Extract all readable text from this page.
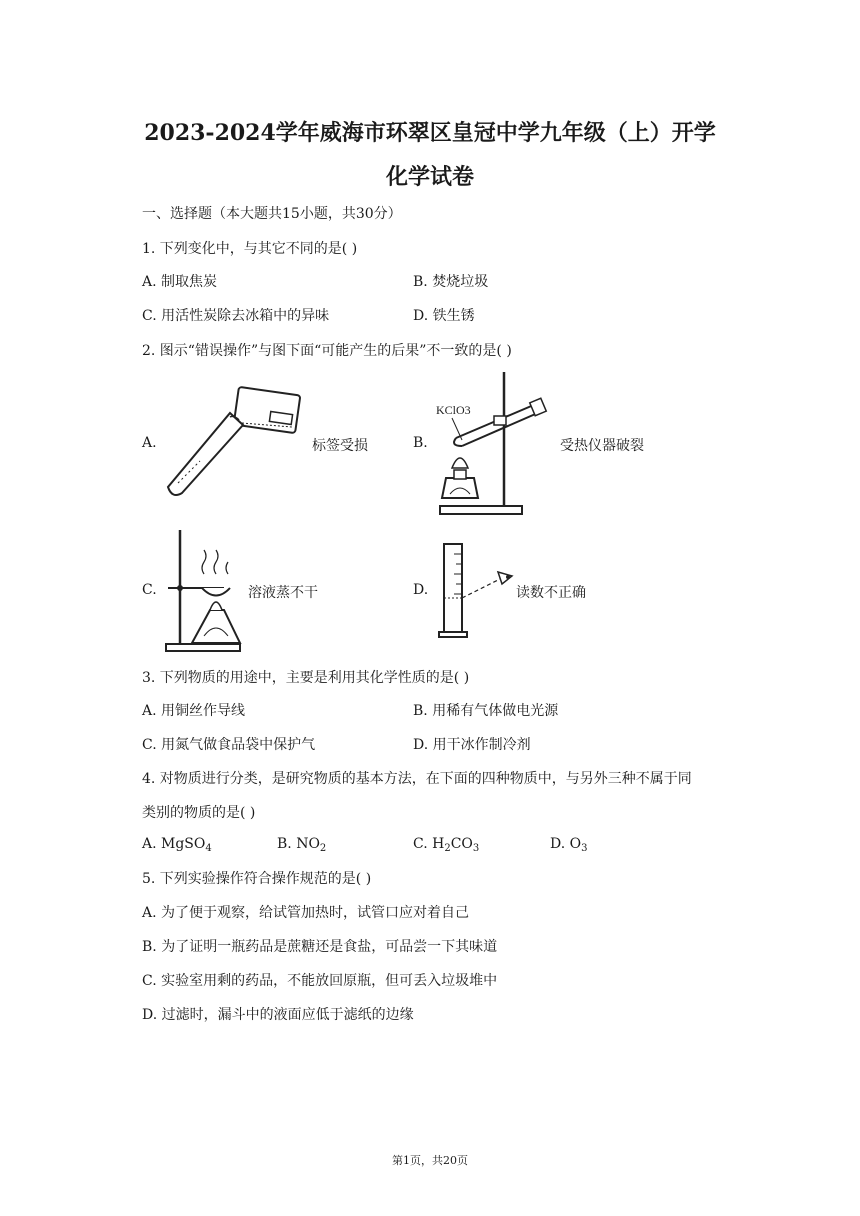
2023-2024学年威海市环翠区皇冠中学九年级（上）开学
化学试卷
一、选择题（本大题共15小题，共30分）
1. 下列变化中，与其它不同的是( )
A. 制取焦炭	B. 焚烧垃圾
C. 用活性炭除去冰箱中的异味	D. 铁生锈
2. 图示“错误操作”与图下面“可能产生的后果”不一致的是( )
A.	标签受损	B.
KClO3
受热仪器破裂
C.	溶液蒸不干	D.	读数不正确
3. 下列物质的用途中，主要是利用其化学性质的是( )
A. 用铜丝作导线	B. 用稀有气体做电光源
C. 用氮气做食品袋中保护气	D. 用干冰作制冷剂
4. 对物质进行分类，是研究物质的基本方法，在下面的四种物质中，与另外三种不属于同
类别的物质的是( )
A. MgSO$_4$	B. $NO_2$	C. $H_2CO_3$	D. $O_3$
5. 下列实验操作符合操作规范的是( )
A. 为了便于观察，给试管加热时，试管口应对着自己
B. 为了证明一瓶药品是蔗糖还是食盐，可品尝一下其味道
C. 实验室用剩的药品，不能放回原瓶，但可丢入垃圾堆中
D. 过滤时，漏斗中的液面应低于滤纸的边缘
第1页，共20页
